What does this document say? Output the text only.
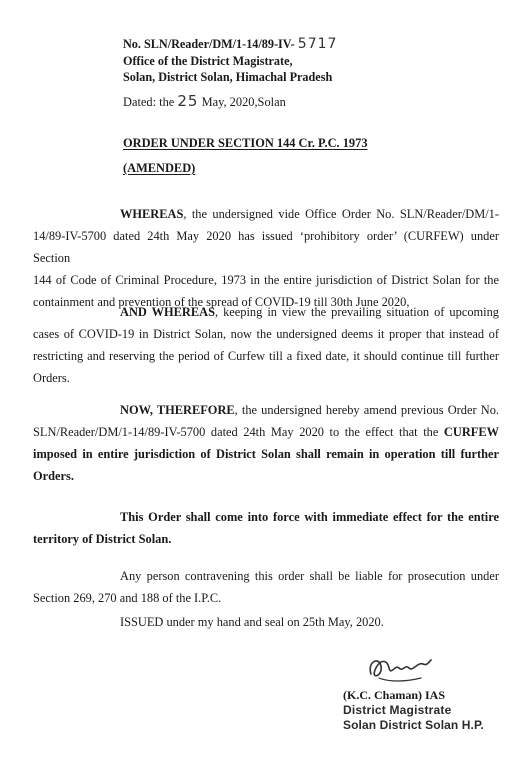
No. SLN/Reader/DM/1-14/89-IV- 5717
Office of the District Magistrate,
Solan, District Solan, Himachal Pradesh
Dated: the 25 May, 2020,Solan
ORDER UNDER SECTION 144 Cr. P.C. 1973
(AMENDED)
WHEREAS, the undersigned vide Office Order No. SLN/Reader/DM/1-
14/89-IV-5700 dated 24th May 2020 has issued ‘prohibitory order’ (CURFEW) under Section
144 of Code of Criminal Procedure, 1973 in the entire jurisdiction of District Solan for the
containment and prevention of the spread of COVID-19 till 30th June 2020,
AND WHEREAS, keeping in view the prevailing situation of upcoming
cases of COVID-19 in District Solan, now the undersigned deems it proper that instead of
restricting and reserving the period of Curfew till a fixed date, it should continue till further
Orders.
NOW, THEREFORE, the undersigned hereby amend previous Order No.
SLN/Reader/DM/1-14/89-IV-5700 dated 24th May 2020 to the effect that the CURFEW
imposed in entire jurisdiction of District Solan shall remain in operation till further
Orders.
This Order shall come into force with immediate effect for the entire
territory of District Solan.
Any person contravening this order shall be liable for prosecution under
Section 269, 270 and 188 of the I.P.C.
ISSUED under my hand and seal on 25th May, 2020.
(K.C. Chaman) IAS
District Magistrate
Solan District Solan H.P.
